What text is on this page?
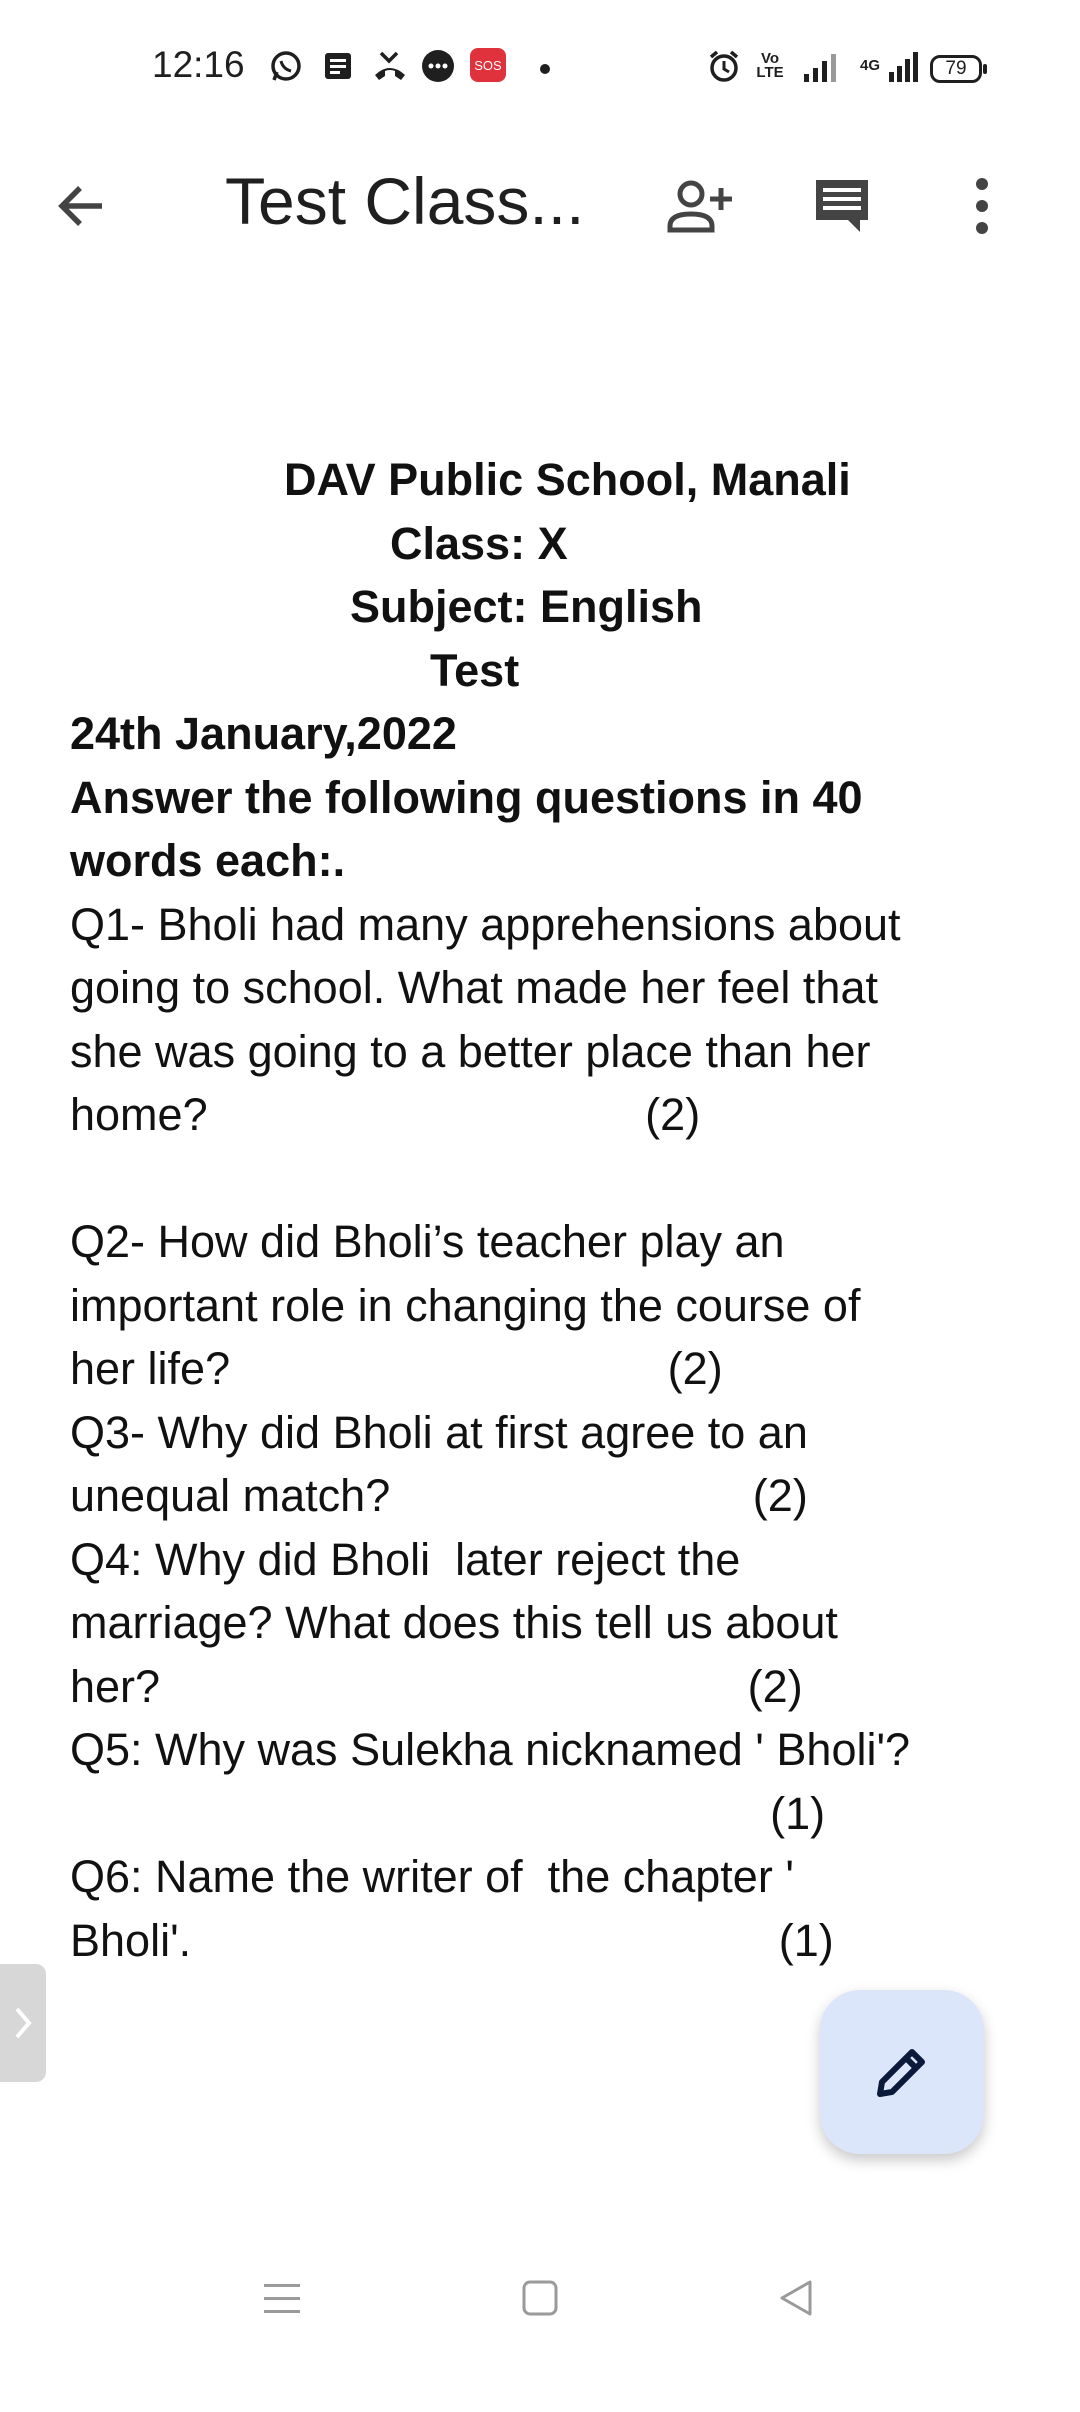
12:16	SOS	Vo LTE	4G	79
Test Class...
DAV Public School, Manali
Class: X
Subject: English
Test
24th January,2022
Answer the following questions in 40
words each:.
Q1- Bholi had many apprehensions about
going to school. What made her feel that
she was going to a better place than her
home?                                   (2)
Q2- How did Bholi’s teacher play an
important role in changing the course of
her life?                                   (2)
Q3- Why did Bholi at first agree to an
unequal match?                             (2)
Q4: Why did Bholi  later reject the
marriage? What does this tell us about
her?                                               (2)
Q5: Why was Sulekha nicknamed ' Bholi'?
(1)
Q6: Name the writer of  the chapter '
Bholi'.                                               (1)
